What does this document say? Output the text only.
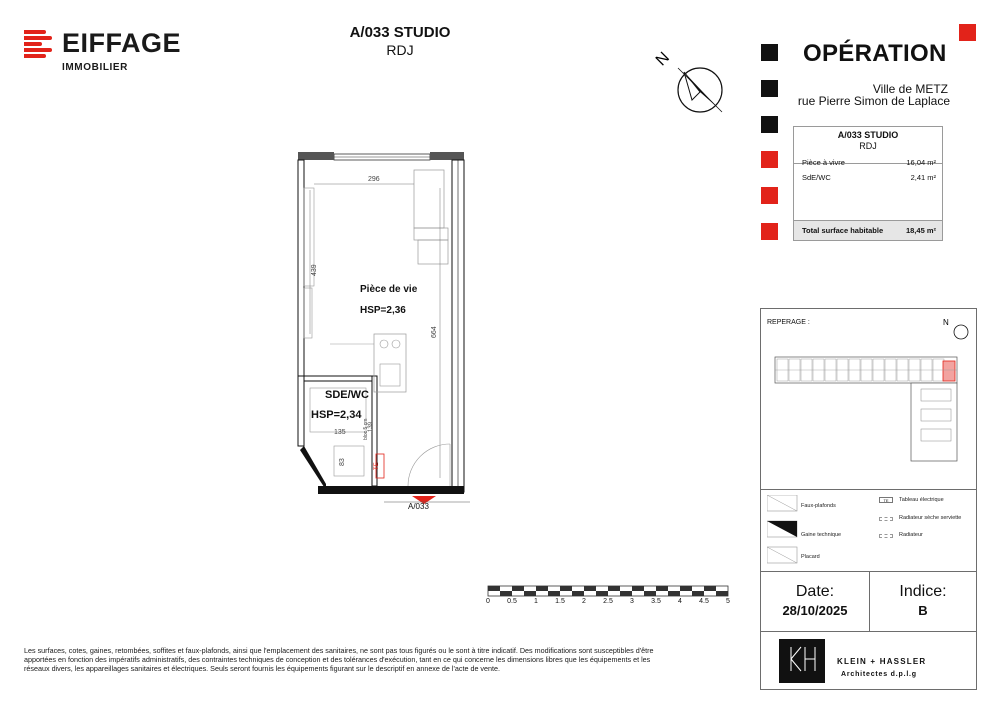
EIFFAGE
IMMOBILIER
A/033 STUDIO
RDJ	N	OPÉRATION
Ville de METZ
rue Pierre Simon de Laplace
A/033 STUDIO
RDJ
Pièce à vivre	16,04 m²
SdE/WC	2,41 m²
Total surface habitable	18,45 m²
296
439
664
135
83
139
bloc 5 cm
TE
Pièce de vie
HSP=2,36
SDE/WC
HSP=2,34
A/033
0 0.5 1 1.5 2 2.5 3 3.5 4 4.5 5
Les surfaces, cotes, gaines, retombées, soffites et faux-plafonds, ainsi que l'emplacement des sanitaires, ne sont pas tous figurés ou le sont à titre indicatif. Des modifications sont susceptibles d'être apportées en fonction des impératifs administratifs, des contraintes techniques de conception et des tolérances d'exécution, tant en ce qui concerne les dimensions libres que les équipements et les réseaux divers, les appareillages sanitaires et électriques. Seuls seront fournis les équipements figurant sur le descriptif en annexe de l'acte de vente.
REPERAGE :	N
Faux-plafonds
Gaine technique
Placard
TE	Tableau électrique
Radiateur sèche serviette
Radiateur
Date:
28/10/2025
Indice:
B
KLEIN + HASSLER
Architectes d.p.l.g
